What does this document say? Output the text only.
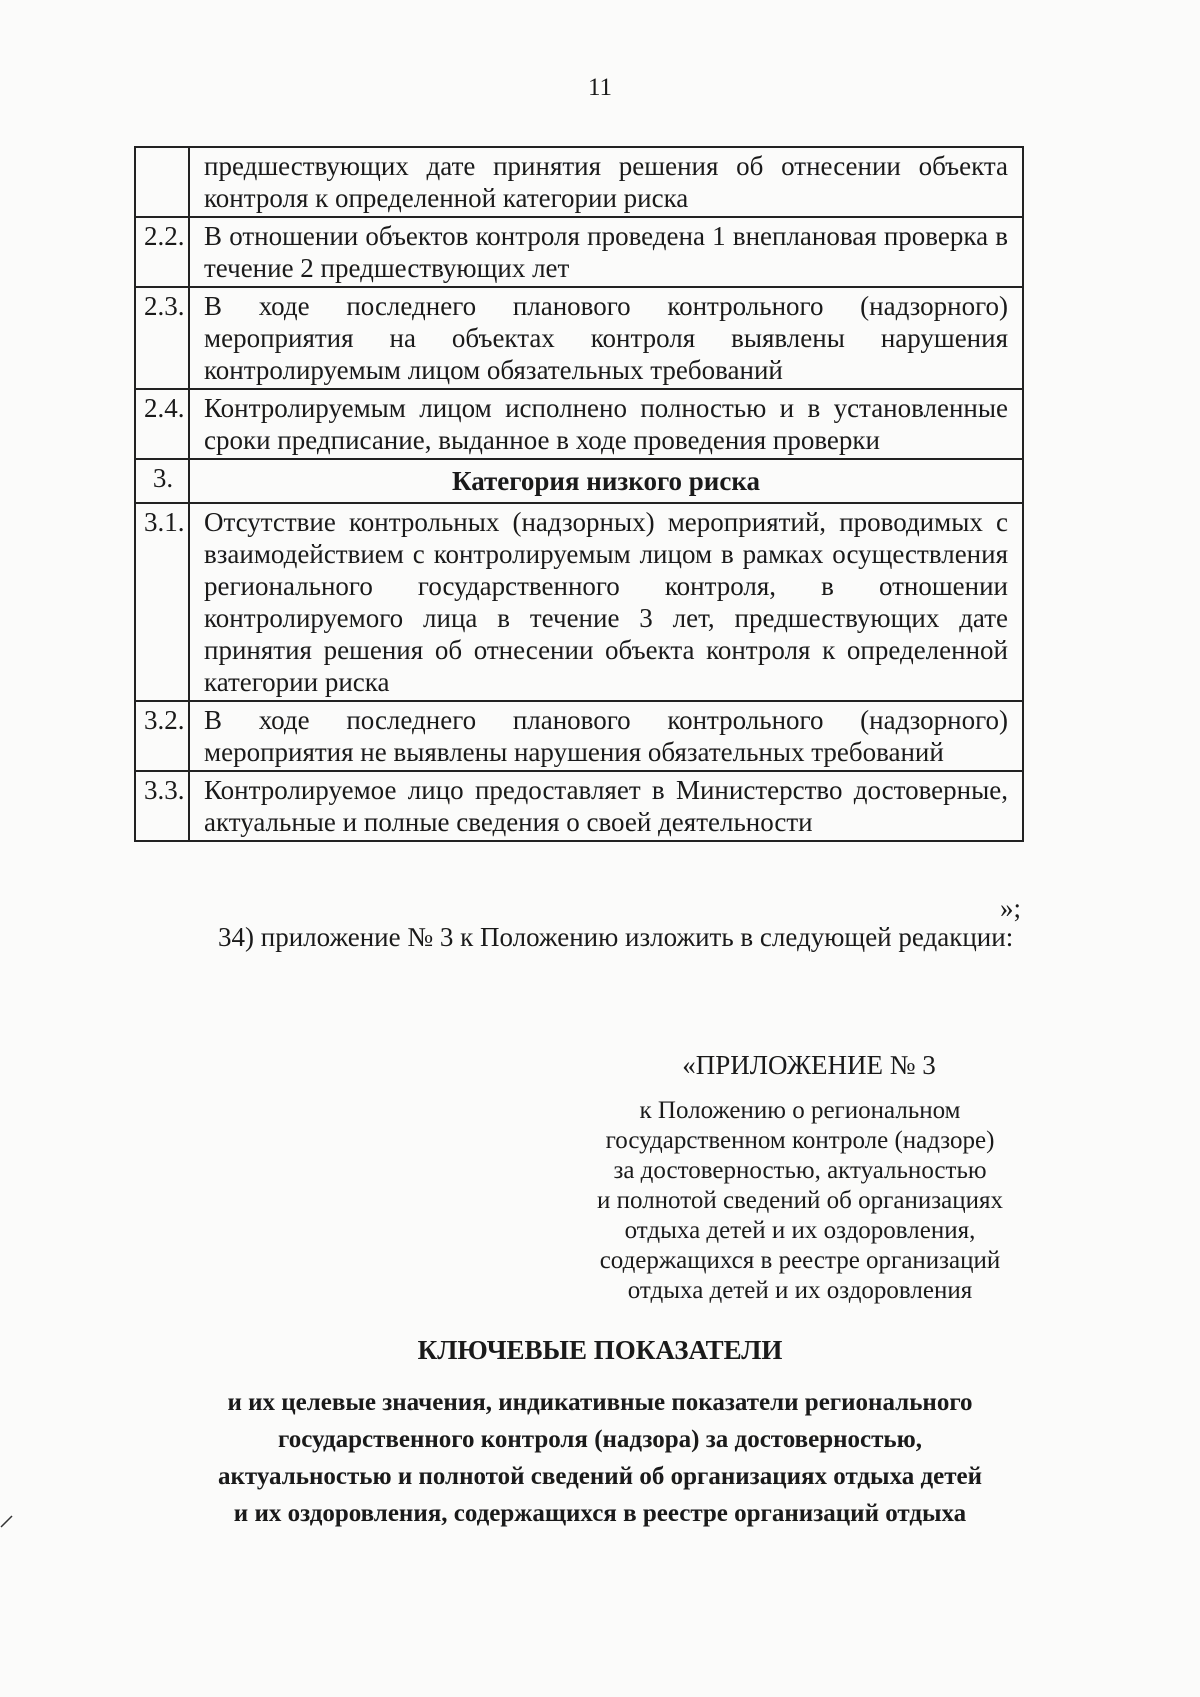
11
	предшествующих дате принятия решения об отнесении объекта контроля к определенной категории риска
2.2.	В отношении объектов контроля проведена 1 внеплановая проверка в течение 2 предшествующих лет
2.3.	В ходе последнего планового контрольного (надзорного) мероприятия на объектах контроля выявлены нарушения контролируемым лицом обязательных требований
2.4.	Контролируемым лицом исполнено полностью и в установленные сроки предписание, выданное в ходе проведения проверки
3.	Категория низкого риска
3.1.	Отсутствие контрольных (надзорных) мероприятий, проводимых с взаимодействием с контролируемым лицом в рамках осуществления регионального государственного контроля, в отношении контролируемого лица в течение 3 лет, предшествующих дате принятия решения об отнесении объекта контроля к определенной категории риска
3.2.	В ходе последнего планового контрольного (надзорного) мероприятия не выявлены нарушения обязательных требований
3.3.	Контролируемое лицо предоставляет в Министерство достоверные, актуальные и полные сведения о своей деятельности
»;
34) приложение № 3 к Положению изложить в следующей редакции:
«ПРИЛОЖЕНИЕ № 3
к Положению о региональном
государственном контроле (надзоре)
за достоверностью, актуальностью
и полнотой сведений об организациях
отдыха детей и их оздоровления,
содержащихся в реестре организаций
отдыха детей и их оздоровления
КЛЮЧЕВЫЕ ПОКАЗАТЕЛИ
и их целевые значения, индикативные показатели регионального
государственного контроля (надзора) за достоверностью,
актуальностью и полнотой сведений об организациях отдыха детей
и их оздоровления, содержащихся в реестре организаций отдыха
